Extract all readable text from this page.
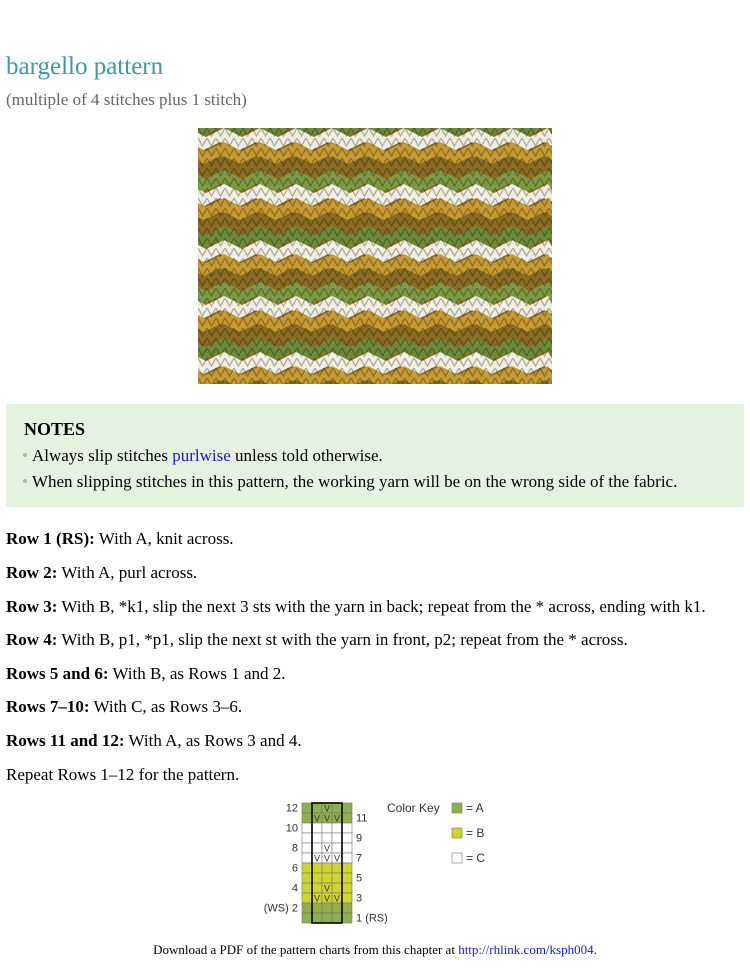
bargello pattern

(multiple of 4 stitches plus 1 stitch)

NOTES
• Always slip stitches purlwise unless told otherwise.
• When slipping stitches in this pattern, the working yarn will be on the wrong side of the fabric.
Row 1 (RS): With A, knit across.
Row 2: With A, purl across.
Row 3: With B, *k1, slip the next 3 sts with the yarn in back; repeat from the * across, ending with k1.
Row 4: With B, p1, *p1, slip the next st with the yarn in front, p2; repeat from the * across.
Rows 5 and 6: With B, as Rows 1 and 2.
Rows 7–10: With C, as Rows 3–6.
Rows 11 and 12: With A, as Rows 3 and 4.
Repeat Rows 1–12 for the pattern.
V
V V V
V
V V V
V
V V V
12
10
8
6
4
(WS) 2
11
9
7
5
3
1 (RS)
Color Key = A
= B
= C
Download a PDF of the pattern charts from this chapter at http://rhlink.com/ksph004.
